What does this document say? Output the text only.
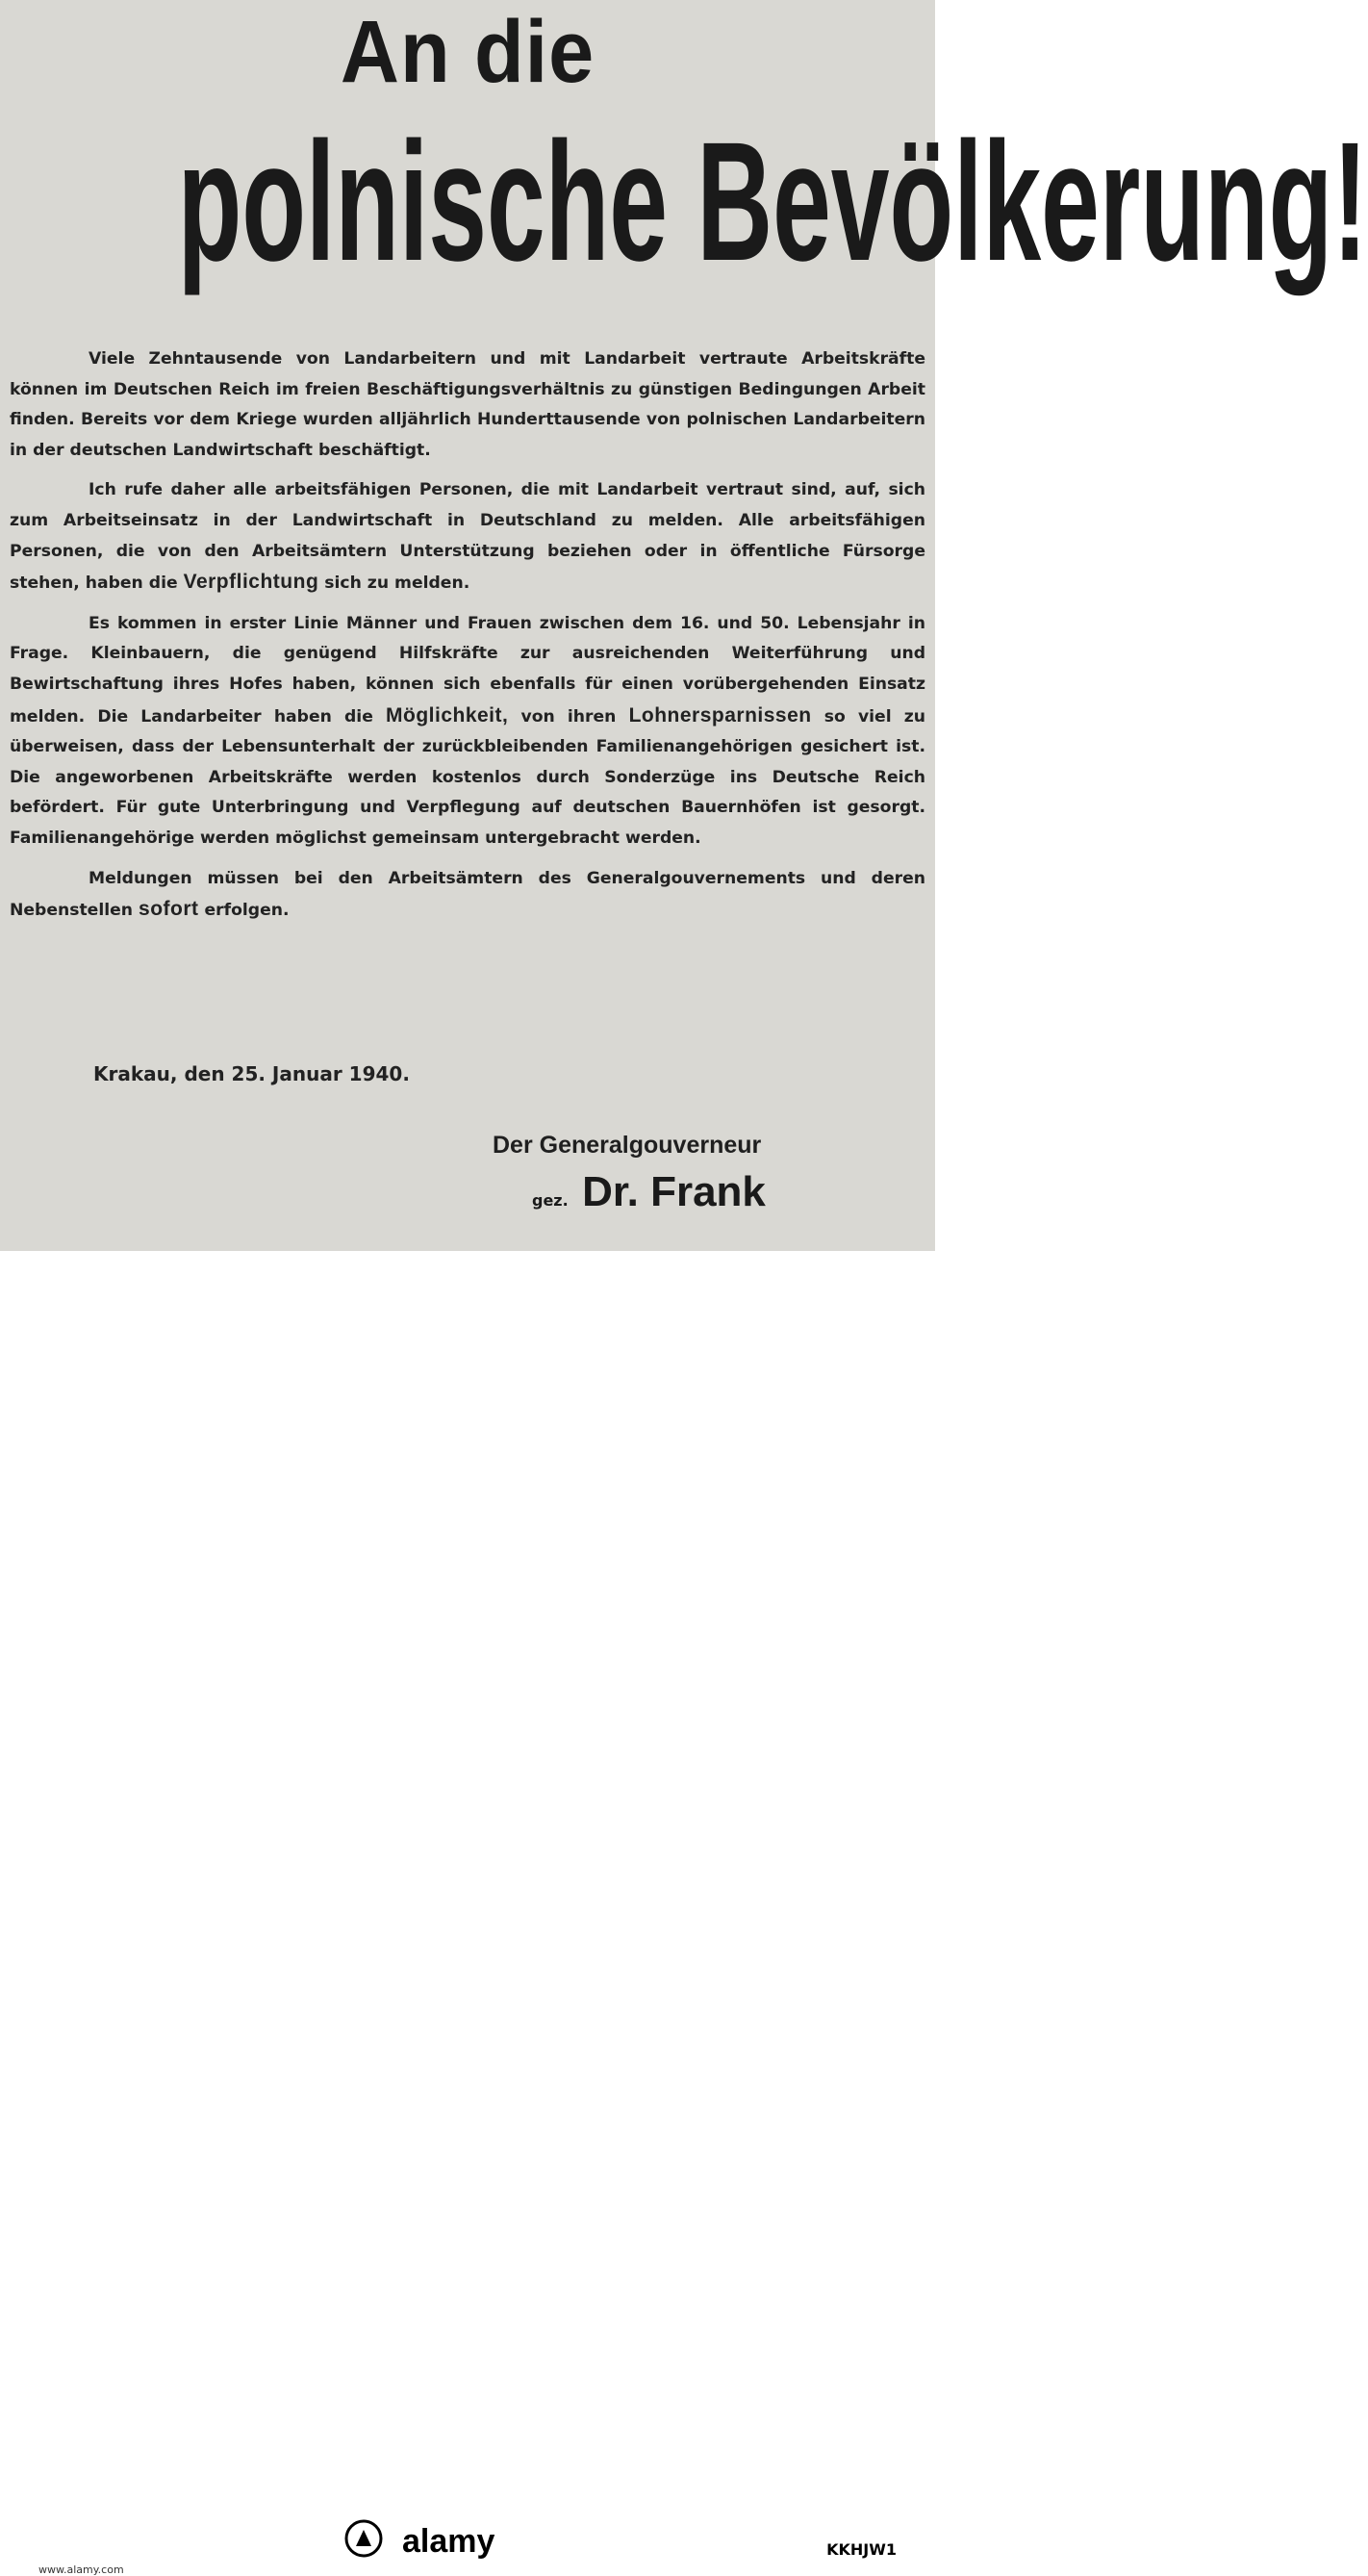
An die
polnische Bevölkerung!

Viele Zehntausende von Landarbeitern und mit Landarbeit vertraute Arbeitskräfte können im Deutschen Reich im freien Beschäftigungsverhältnis zu günstigen Bedingungen Arbeit finden. Bereits vor dem Kriege wurden alljährlich Hunderttausende von polnischen Landarbeitern in der deutschen Landwirtschaft beschäftigt.

Ich rufe daher alle arbeitsfähigen Personen, die mit Landarbeit vertraut sind, auf, sich zum Arbeitseinsatz in der Landwirtschaft in Deutschland zu melden. Alle arbeitsfähigen Personen, die von den Arbeitsämtern Unterstützung beziehen oder in öffentliche Fürsorge stehen, haben die Verpflichtung sich zu melden.

Es kommen in erster Linie Männer und Frauen zwischen dem 16. und 50. Lebensjahr in Frage. Kleinbauern, die genügend Hilfskräfte zur ausreichenden Weiterführung und Bewirtschaftung ihres Hofes haben, können sich ebenfalls für einen vorübergehenden Einsatz melden. Die Landarbeiter haben die Möglichkeit, von ihren Lohnersparnissen so viel zu überweisen, dass der Lebensunterhalt der zurückbleibenden Familienangehörigen gesichert ist. Die angeworbenen Arbeitskräfte werden kostenlos durch Sonderzüge ins Deutsche Reich befördert. Für gute Unterbringung und Verpflegung auf deutschen Bauernhöfen ist gesorgt. Familienangehörige werden möglichst gemeinsam untergebracht werden.

Meldungen müssen bei den Arbeitsämtern des Generalgouvernements und deren Nebenstellen sofort erfolgen.

Krakau, den 25. Januar 1940.
Der Generalgouverneur
gez. Dr. Frank
alamy
www.alamy.com
KKHJW1
